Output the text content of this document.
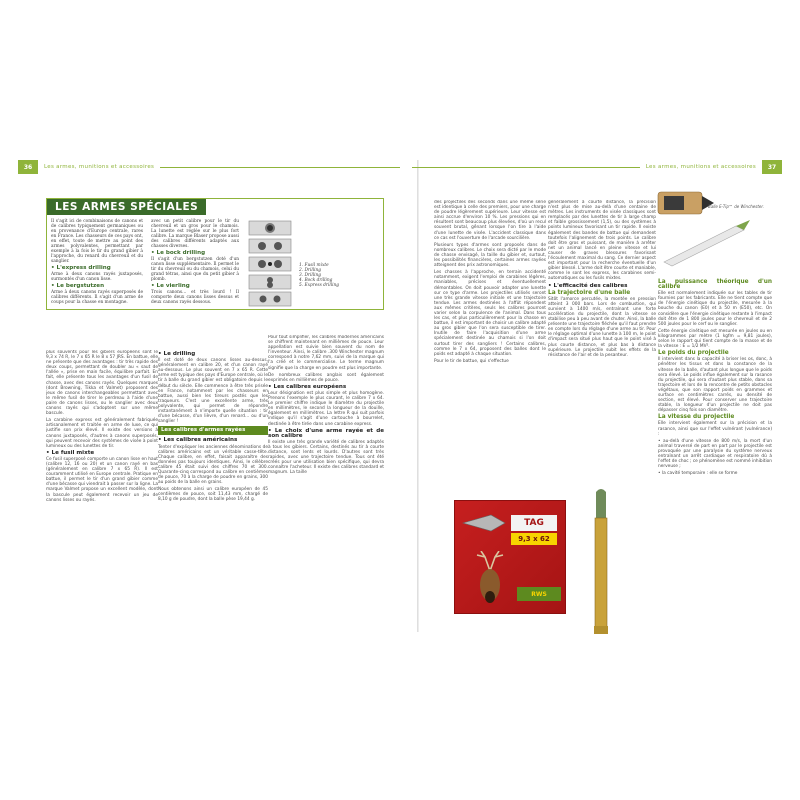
36	Les armes, munitions et accessoires	Les armes, munitions et accessoires	37
LES ARMES SPÉCIALES

Il s'agit ici de combinaisons de canons et de calibres typiquement germaniques ou en provenance d'Europe centrale, rares en France. Les chasseurs de ces pays ont, en effet, toute de mettre au point des armes polyvalentes, permettant par exemple à la fois le tir du grand gibier à l'approche, du renard du chevreuil et du sanglier.

• L'express drilling

Arme à deux canons rayés juxtaposés, surmontés d'un canon lisse.

• Le bergstutzen

Arme à deux canons rayés superposés de calibres différents. Il s'agit d'un arme de coups pour la chasse en montagne.

avec un petit calibre pour le tir du chevreuil et un gros pour le chamois. La lunette est réglée sur le plus fort calibre. La marque Blaser propose aussi des calibres différents adaptés aux chasses diverses.

• Le bock drilling

Il s'agit d'un bergstutzen doté d'un canon lisse supplémentaire. Il permet le tir du chevreuil ou du chamois, celui du grand tétras, ainsi que du petit gibier à plomb.

• Le vierling

Trois canons… et très lourd ! Il comporte deux canons lisses dessus et deux canons rayés dessous.

1. Fusil mixte
2. Drilling
3. Drilling
4. Bock drilling
5. Express drilling

plus souvents pour les gibiers européens sont le 9,3 x 74 R, le 7 x 65 R le 8 x 57 JRS. En battue, elle ne présente que des avantages : tir très rapide des deux coups, permettant de doubler au « saut de l'allée », prise en main facile, équilibre parfait. En fait, elle présente tous les avantages d'un fusil de chasse, avec des canons rayés. Quelques marques (dont Browning, Tikka et Valmet) proposent des jeux de canons interchangeables permettant avec le même fusil de tirer le perdreau à l'aide d'une paire de canons lisses, ou le sanglier avec deux canons rayés qui s'adoptent sur une même bascule.

La carabine express est généralement fabriquée artisanalement et traitée en arme de luxe, ce qui justifie son prix élevé. Il existe des versions à canons juxtaposés, d'autres à canons superposés, qui peuvent recevoir des systèmes de visée à point lumineux ou des lunettes de tir.

• Le fusil mixte

Ce fusil superposé comporte un canon lisse en haut (calibre 12, 16 ou 20) et un canon rayé en bas (généralement en calibre 7 x 65 R). Il est couramment utilisé en Europe centrale. Pratique en battue, il permet le tir d'un grand gibier comme d'une bécasse qui viendrait à passer sur la ligne. La marque Valmet propose un excellent modèle, dont la bascule peut également recevoir un jeu de canons lisses ou rayés.

• Le drilling

Il est doté de deux canons lisses au-dessus, généralement en calibre 20, et d'un canon rayé au-dessous. Le plus souvent en 7 x 65 R. Cette arme est typique des pays d'Europe centrale, où le tir à balle du grand gibier est obligatoire depuis le début du siècle. Elle commence à être très prisée en France, notamment par les chasseurs en battue, aussi bien les tireurs postés que les traqueurs. C'est une excellente arme, très polyvalente, qui permet de répondre instantanément à n'importe quelle situation : tir d'une bécasse, d'un lièvre, d'un renard… ou d'un sanglier !

Les calibres d'armes rayées
• Les calibres américains

Tenter d'expliquer les anciennes dénominations de calibres américains est un véritable casse-tête. Chaque calibre, en effet, faisait apparaître des données pas toujours identiques. Ainsi, le célèbre calibre 45 était suivi des chiffres 70 et 300. Quarante-cinq correspond au calibre en centièmes de pouce, 70 à la charge de poudre en grains, 300 au poids de la balle en grains.

Nous obtenons ainsi un calibre européen de 45 centièmes de pouce, soit 11,43 mm, chargé de 8,10 g de poudre, dont la balle pèse 19,44 g.

Pour tout simplifier, les calibres modernes américains se chiffrent maintenant en millièmes de pouce. Leur appellation est suivie bien souvent du nom de l'inventeur. Ainsi, le calibre .300 Winchester magnum correspond à notre 7,62 mm, suivi de la marque qui l'a créé et le commercialise. Le terme magnum signifie que la charge en poudre est plus importante.

De nombreux calibres anglais sont également exprimés en millièmes de pouce.

• Les calibres européens

Leur désignation est plus simple et plus homogène. Prenons l'exemple le plus courant, le calibre 7 x 64. Le premier chiffre indique le diamètre du projectile en millimètres, le second la longueur de la douille, également en millimètres. La lettre R qui suit parfois indique qu'il s'agit d'une cartouche à bourrelet, destinée à être tirée dans une carabine express.

• Le choix d'une arme rayée et de son calibre

Il existe une très grande variété de calibres adaptés à tous les gibiers. Certains, destinés au tir à courte distance, sont lents et lourds. D'autres sont très rapides, avec une trajectoire tendue. Tous ont été créés pour une utilisation bien spécifique, qui devra connaître l'acheteur. Il existe des calibres standard et magnum. La taille

des projectiles des seconds dans une même série est identique à celle des premiers, pour une charge de poudre légèrement supérieure. Leur vitesse est ainsi accrue d'environ 10 %. Les pressions qui en résultent sont beaucoup plus élevées, d'où un recul souvent brutal, gênant lorsque l'on tire à l'aide d'une lunette de visée. L'accident classique dans ce cas est l'ouverture de l'arcade sourcilière.

Plusieurs types d'armes sont proposés dans de nombreux calibres. Le choix sera dicté par le mode de chasse envisagé, la taille du gibier et, surtout, les possibilités financières, certaines armes rayées atteignent des prix astronomiques.

Les chasses à l'approche, en terrain accidenté notamment, exigent l'emploi de carabines légères, maniables, précises et éventuellement démontables. On doit pouvoir adapter une lunette sur ce type d'arme. Les projectiles utilisés seront une très grande vitesse initiale et une trajectoire tendue. Les armes destinées à l'affût répondent aux mêmes critères, seuls les calibres pourront varier selon la corpulence de l'animal. Dans tous les cas, et plus particulièrement pour la chasse en battue, il est important de choisir un calibre adapté au gros gibier que l'on sera susceptible de tirer. Inutile de faire l'acquisition d'une arme spécialement destinée au chamois si l'on doit surtout tirer des sangliers ! Certains calibres, comme le 7 x 64, proposent des balles dont le poids est adapté à chaque situation.

Pour le tir de battue, qui s'effectue

généralement à courte distance, la précision n'est plus de mise au-delà d'une centaine de mètres. Les instruments de visée classiques sont remplacés par des lunettes de tir à large champ et faible grossissement (1,5), ou des systèmes à points lumineux favorisant un tir rapide. Il existe également des bandes de battue qui demandent toutefois l'alignement de trois points. Le calibre doit être gros et puissant, de manière à arrêter net un animal lancé en pleine vitesse et lui causer de graves blessures favorisant l'écoulement maximal du sang. Ce dernier aspect est important pour la recherche éventuelle d'un gibier blessé. L'arme doit être courte et maniable, comme le sont les express, les carabines semi-automatiques ou les fusils mixtes.

• L'efficacité des calibres
La trajectoire d'une balle

Sitôt l'amorce percutée, la montée en pression atteint 3 000 bars. Lors de combustion, qui survient à 1400 m/s, entraînant une forte accélération du projectile, dont la vitesse se stabilise peu à peu avant de chuter. Ainsi, la balle présente une trajectoire fléchée qu'il faut prendre en compte lors du réglage d'une arme au tir. Pour le réglage optimal d'une lunette à 100 m, le point d'impact sera situé plus haut que le point visé à plus courte distance, et plus bas à distance supérieure. Le projectile subit les effets de la résistance de l'air et de la pesanteur.

TAG
9,3 x 62
RWS
Balle E-Tip™ de Winchester.
La puissance théorique d'un calibre

Elle est normalement indiquée sur les tables de tir fournies par les fabricants. Elle ne tient compte que de l'énergie cinétique du projectile, mesurée à la bouche du canon (E0) et à 50 m (E50), etc. On considère que l'énergie cinétique restante à l'impact doit être de 1 800 joules pour le chevreuil et de 2 500 joules pour le cerf ou le sanglier.

Cette énergie cinétique est mesurée en joules ou en kilogrammes par mètre (1 kgfm = 9,81 joules), selon le rapport qui tient compte de la masse et de la vitesse : E = 1/2 MV².

Le poids du projectile

Il intervient dans la capacité à briser les os, donc, à pénétrer les tissus et dans la constance de la vitesse de la balle, d'autant plus longue que le poids sera élevé. Le poids influe également sur la rasance du projectile, qui sera d'autant plus stable, dans sa trajectoire et lors de la rencontre de petits obstacles végétaux, que son rapport poids en grammes et surface en centimètres carrés, ou densité de section, est élevé. Pour conserver une trajectoire stable, la longueur d'un projectile ne doit pas dépasser cinq fois son diamètre.

La vitesse du projectile

Elle intervient également sur la précision et la rasance, ainsi que sur l'effet vulnérant (vulnérance) :

• au-delà d'une vitesse de 800 m/s, la mort d'un animal traversé de part en part par le projectile est provoquée par une paralysie du système nerveux entraînant un arrêt cardiaque et respiratoire dû à l'effet de choc ; ce phénomène est nommé inhibition nerveuse ;

• la cavité temporaire : elle se forme
